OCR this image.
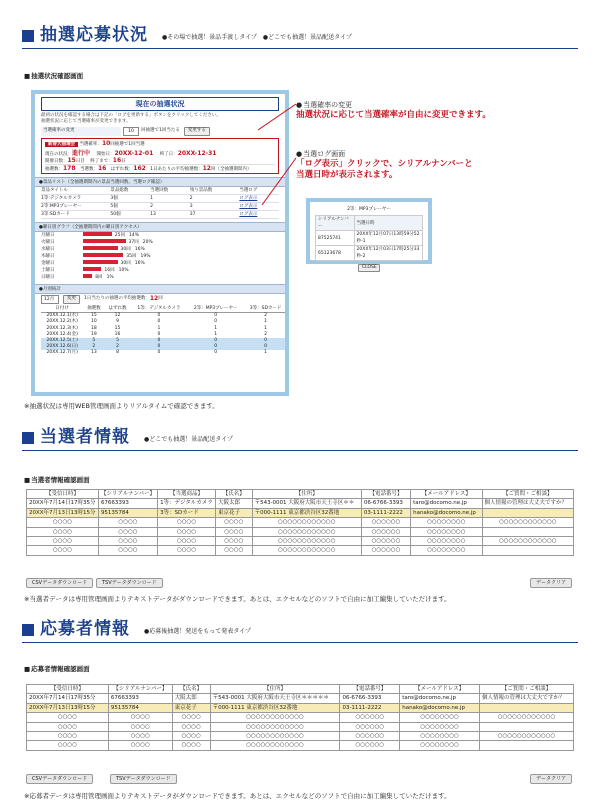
抽選応募状況 ●その場で抽選！景品手渡しタイプ　●どこでも抽選！景品配送タイプ
■ 抽選状況確認画面
現在の抽選状況
最初の状況を確認する場合は下記の「ログを更新する」ボタンをクリックしてください。
抽選状況に応じて当選確率が変更できます。
当選確率の変更	10	回抽選で1回当たる	変更する
新春大抽選会 当選確率：10回抽選で1回当選
現在の状況：進行中 開始日：20XX-12-01 終了日：20XX-12-31
開催日数：15日目 終了まで：16日
抽選数：178 当選数：16 はずれ数：162 1日あたりの平均抽選数：12回（全抽選期間内）
●景品リスト（全抽選期間内の景品当選回数、当選ログ確認）
景品タイトル	景品総数	当選回数	残り景品数	当選ログ
1等:デジタルカメラ	3個	1	2	ログ表示
2等:MP3プレーヤー	5個	2	3	ログ表示
3等:SDカード	50個	13	37	ログ表示
●曜日別グラフ（全抽選期間内の曜日別アクセス）
月曜日	25回 14%
火曜日	37回 20%
水曜日	30回 16%
木曜日	35回 19%
金曜日	30回 16%
土曜日	16回 10%
日曜日	8回 1%
●月別統計
12月	変更	1日当たりの抽選の平均抽選数： 12 回
日付け	抽選数	はずれ数	1等：デジタルカメラ	2等：MP3プレーヤー	3等：SDカード
20XX.12.1(水)	15	12	0	0	2
20XX.12.2(木)	10	9	0	0	1
20XX.12.3(木)	18	15	1	1	1
20XX.12.4(金)	19	16	0	1	2
20XX.12.5(土)	5	5	0	0	0
20XX.12.6(日)	2	2	0	0	0
20XX.12.7(月)	13	8	0	0	1
※抽選状況は専用WEB管理画面よりリアルタイムで確認できます。
● 当選確率の変更
抽選状況に応じて当選確率が自由に変更できます。
● 当選ログ画面
「ログ表示」クリックで、シリアルナンバーと
当選日時が表示されます。
2等：MP3プレーヤー
シリアルナンバー	当選日時
87525741	20XX年12月07日13時59分52秒-1
65123678	20XX年12月03日17時25分33秒-2
CLOSE
当選者情報 ●どこでも抽選！景品配送タイプ
■ 当選者情報確認画面
【受信日時】	【シリアルナンバー】	【当選商品】	【氏名】	【住所】	【電話番号】	【メールアドレス】	【ご質問・ご相談】
20XX年7月14日17時35分	67663393	1等：デジタルカメラ	大阪太郎	〒543-0001 大阪府大阪市天王寺区＊＊	06-6766-3393	taro@docomo.ne.jp	個人情報の管理は大丈夫ですか？
20XX年7月13日13時15分	95135784	3等：SDカード	東京花子	〒000-1111 東京都渋谷区32番地	03-1111-2222	hanako@docomo.ne.jp	
○○○○	○○○○	○○○○	○○○○	○○○○○○○○○○○○	○○○○○○	○○○○○○○○	○○○○○○○○○○○○
○○○○	○○○○	○○○○	○○○○	○○○○○○○○○○○○	○○○○○○	○○○○○○○○	
○○○○	○○○○	○○○○	○○○○	○○○○○○○○○○○○	○○○○○○	○○○○○○○○	○○○○○○○○○○○○
○○○○	○○○○	○○○○	○○○○	○○○○○○○○○○○○	○○○○○○	○○○○○○○○	
CSVデータダウンロード	TSVデータダウンロード	データクリア
※当選者データは専用管理画面よりテキストデータがダウンロードできます。あとは、エクセルなどのソフトで自由に加工編集していただけます。
応募者情報 ●応募後抽選！発送をもって発表タイプ
■ 応募者情報確認画面
【受信日時】	【シリアルナンバー】	【氏名】	【住所】	【電話番号】	【メールアドレス】	【ご質問・ご相談】
20XX年7月14日17時35分	67663393	大阪太郎	〒543-0001 大阪府大阪市天王寺区＊＊＊＊＊	06-6766-3393	taro@docomo.ne.jp	個人情報の管理は大丈夫ですか？
20XX年7月13日13時15分	95135784	東京花子	〒000-1111 東京都渋谷区32番地	03-1111-2222	hanako@docomo.ne.jp	
○○○○	○○○○	○○○○	○○○○○○○○○○○○	○○○○○○	○○○○○○○○	○○○○○○○○○○○○
○○○○	○○○○	○○○○	○○○○○○○○○○○○	○○○○○○	○○○○○○○○	
○○○○	○○○○	○○○○	○○○○○○○○○○○○	○○○○○○	○○○○○○○○	○○○○○○○○○○○○
○○○○	○○○○	○○○○	○○○○○○○○○○○○	○○○○○○	○○○○○○○○	
CSVデータダウンロード	TSVデータダウンロード	データクリア
※応募者データは専用管理画面よりテキストデータがダウンロードできます。あとは、エクセルなどのソフトで自由に加工編集していただけます。
